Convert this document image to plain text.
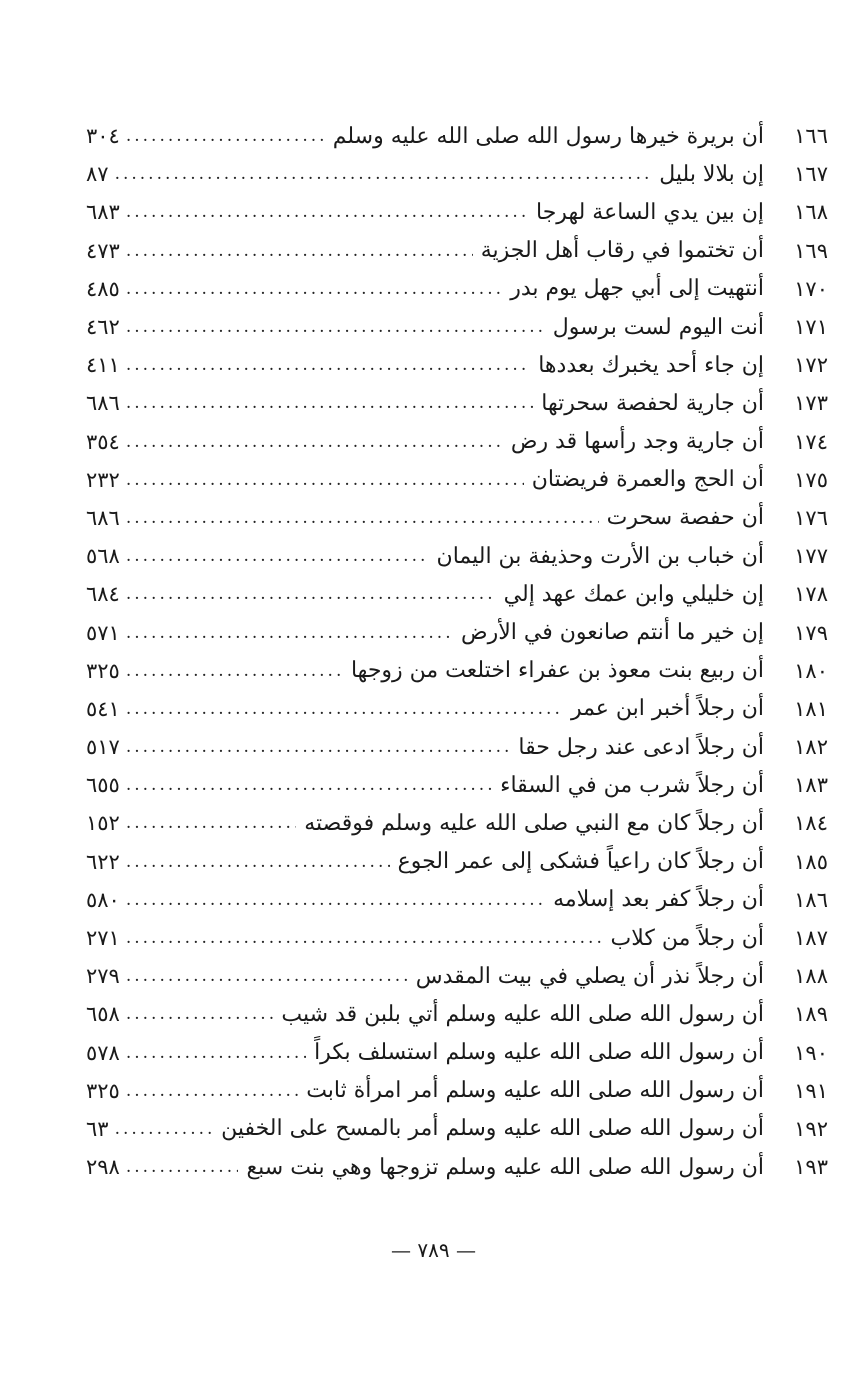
٣٠٤ .....	أن بريرة خيرها رسول الله صلى الله عليه وسلم	١٦٦
٨٧ .....	إن بلالا بليل	١٦٧
٦٨٣ .....	إن بين يدي الساعة لهرجا	١٦٨
٤٧٣ .....	أن تختموا في رقاب أهل الجزية	١٦٩
٤٨٥ .....	أنتهيت إلى أبي جهل يوم بدر	١٧٠
٤٦٢ .....	أنت اليوم لست برسول	١٧١
٤١١ .....	إن جاء أحد يخبرك بعددها	١٧٢
٦٨٦ .....	أن جارية لحفصة سحرتها	١٧٣
٣٥٤ .....	أن جارية وجد رأسها قد رض	١٧٤
٢٣٢ .....	أن الحج والعمرة فريضتان	١٧٥
٦٨٦ .....	أن حفصة سحرت	١٧٦
٥٦٨ .....	أن خباب بن الأرت وحذيفة بن اليمان	١٧٧
٦٨٤ .....	إن خليلي وابن عمك عهد إلي	١٧٨
٥٧١ .....	إن خير ما أنتم صانعون في الأرض	١٧٩
٣٢٥ .....	أن ربيع بنت معوذ بن عفراء اختلعت من زوجها	١٨٠
٥٤١ .....	أن رجلاً أخبر ابن عمر	١٨١
٥١٧ .....	أن رجلاً ادعى عند رجل حقا	١٨٢
٦٥٥ .....	أن رجلاً شرب من في السقاء	١٨٣
١٥٢ .....	أن رجلاً كان مع النبي صلى الله عليه وسلم فوقصته	١٨٤
٦٢٢ .....	أن رجلاً كان راعياً فشكى إلى عمر الجوع	١٨٥
٥٨٠ .....	أن رجلاً كفر بعد إسلامه	١٨٦
٢٧١ .....	أن رجلاً من كلاب	١٨٧
٢٧٩ .....	أن رجلاً نذر أن يصلي في بيت المقدس	١٨٨
٦٥٨ .....	أن رسول الله صلى الله عليه وسلم أتي بلبن قد شيب	١٨٩
٥٧٨ .....	أن رسول الله صلى الله عليه وسلم استسلف بكراً	١٩٠
٣٢٥ .....	أن رسول الله صلى الله عليه وسلم أمر امرأة ثابت	١٩١
٦٣ .....	أن رسول الله صلى الله عليه وسلم أمر بالمسح على الخفين	١٩٢
٢٩٨ .....	أن رسول الله صلى الله عليه وسلم تزوجها وهي بنت سبع	١٩٣
— ٧٨٩ —
